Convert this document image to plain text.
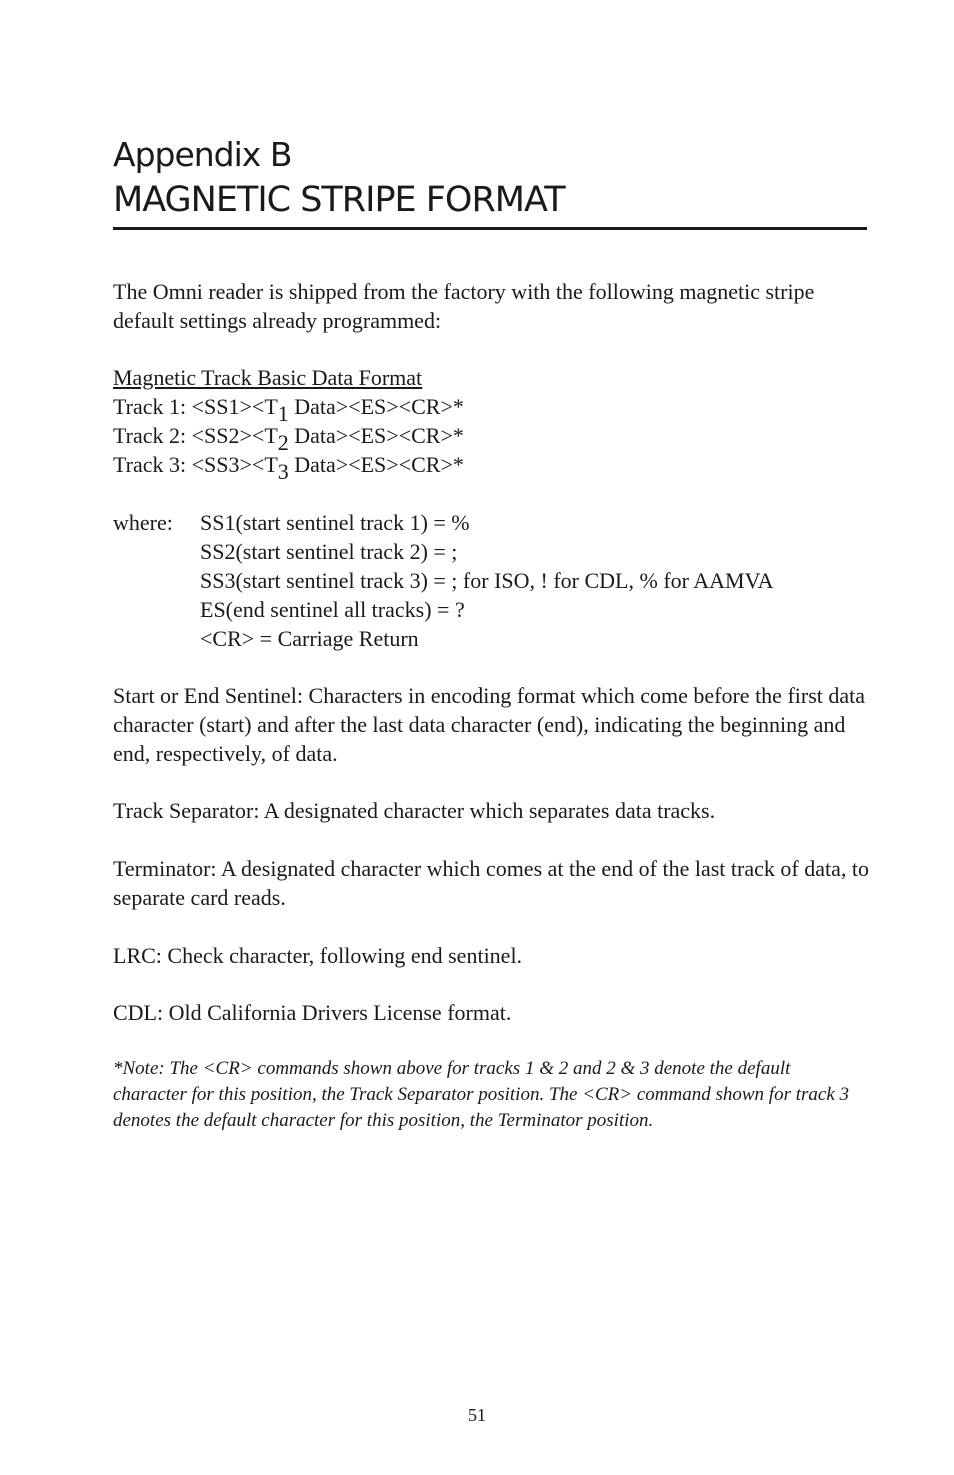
Appendix B
MAGNETIC STRIPE FORMAT

The Omni reader is shipped from the factory with the following magnetic stripe default settings already programmed:

Magnetic Track Basic Data Format

Track 1: <SS1><T1 Data><ES><CR>*

Track 2: <SS2><T2 Data><ES><CR>*

Track 3: <SS3><T3 Data><ES><CR>*

where:	SS1(start sentinel track 1) = %
SS2(start sentinel track 2) = ;
SS3(start sentinel track 3) = ; for ISO, ! for CDL, % for AAMVA
ES(end sentinel all tracks) = ?
<CR> = Carriage Return

Start or End Sentinel: Characters in encoding format which come before the first data character (start) and after the last data character (end), indicating the beginning and end, respectively, of data.

Track Separator: A designated character which separates data tracks.

Terminator: A designated character which comes at the end of the last track of data, to separate card reads.

LRC: Check character, following end sentinel.

CDL: Old California Drivers License format.

*Note: The <CR> commands shown above for tracks 1 & 2 and 2 & 3 denote the default character for this position, the Track Separator position. The <CR> command shown for track 3 denotes the default character for this position, the Terminator position.

51
